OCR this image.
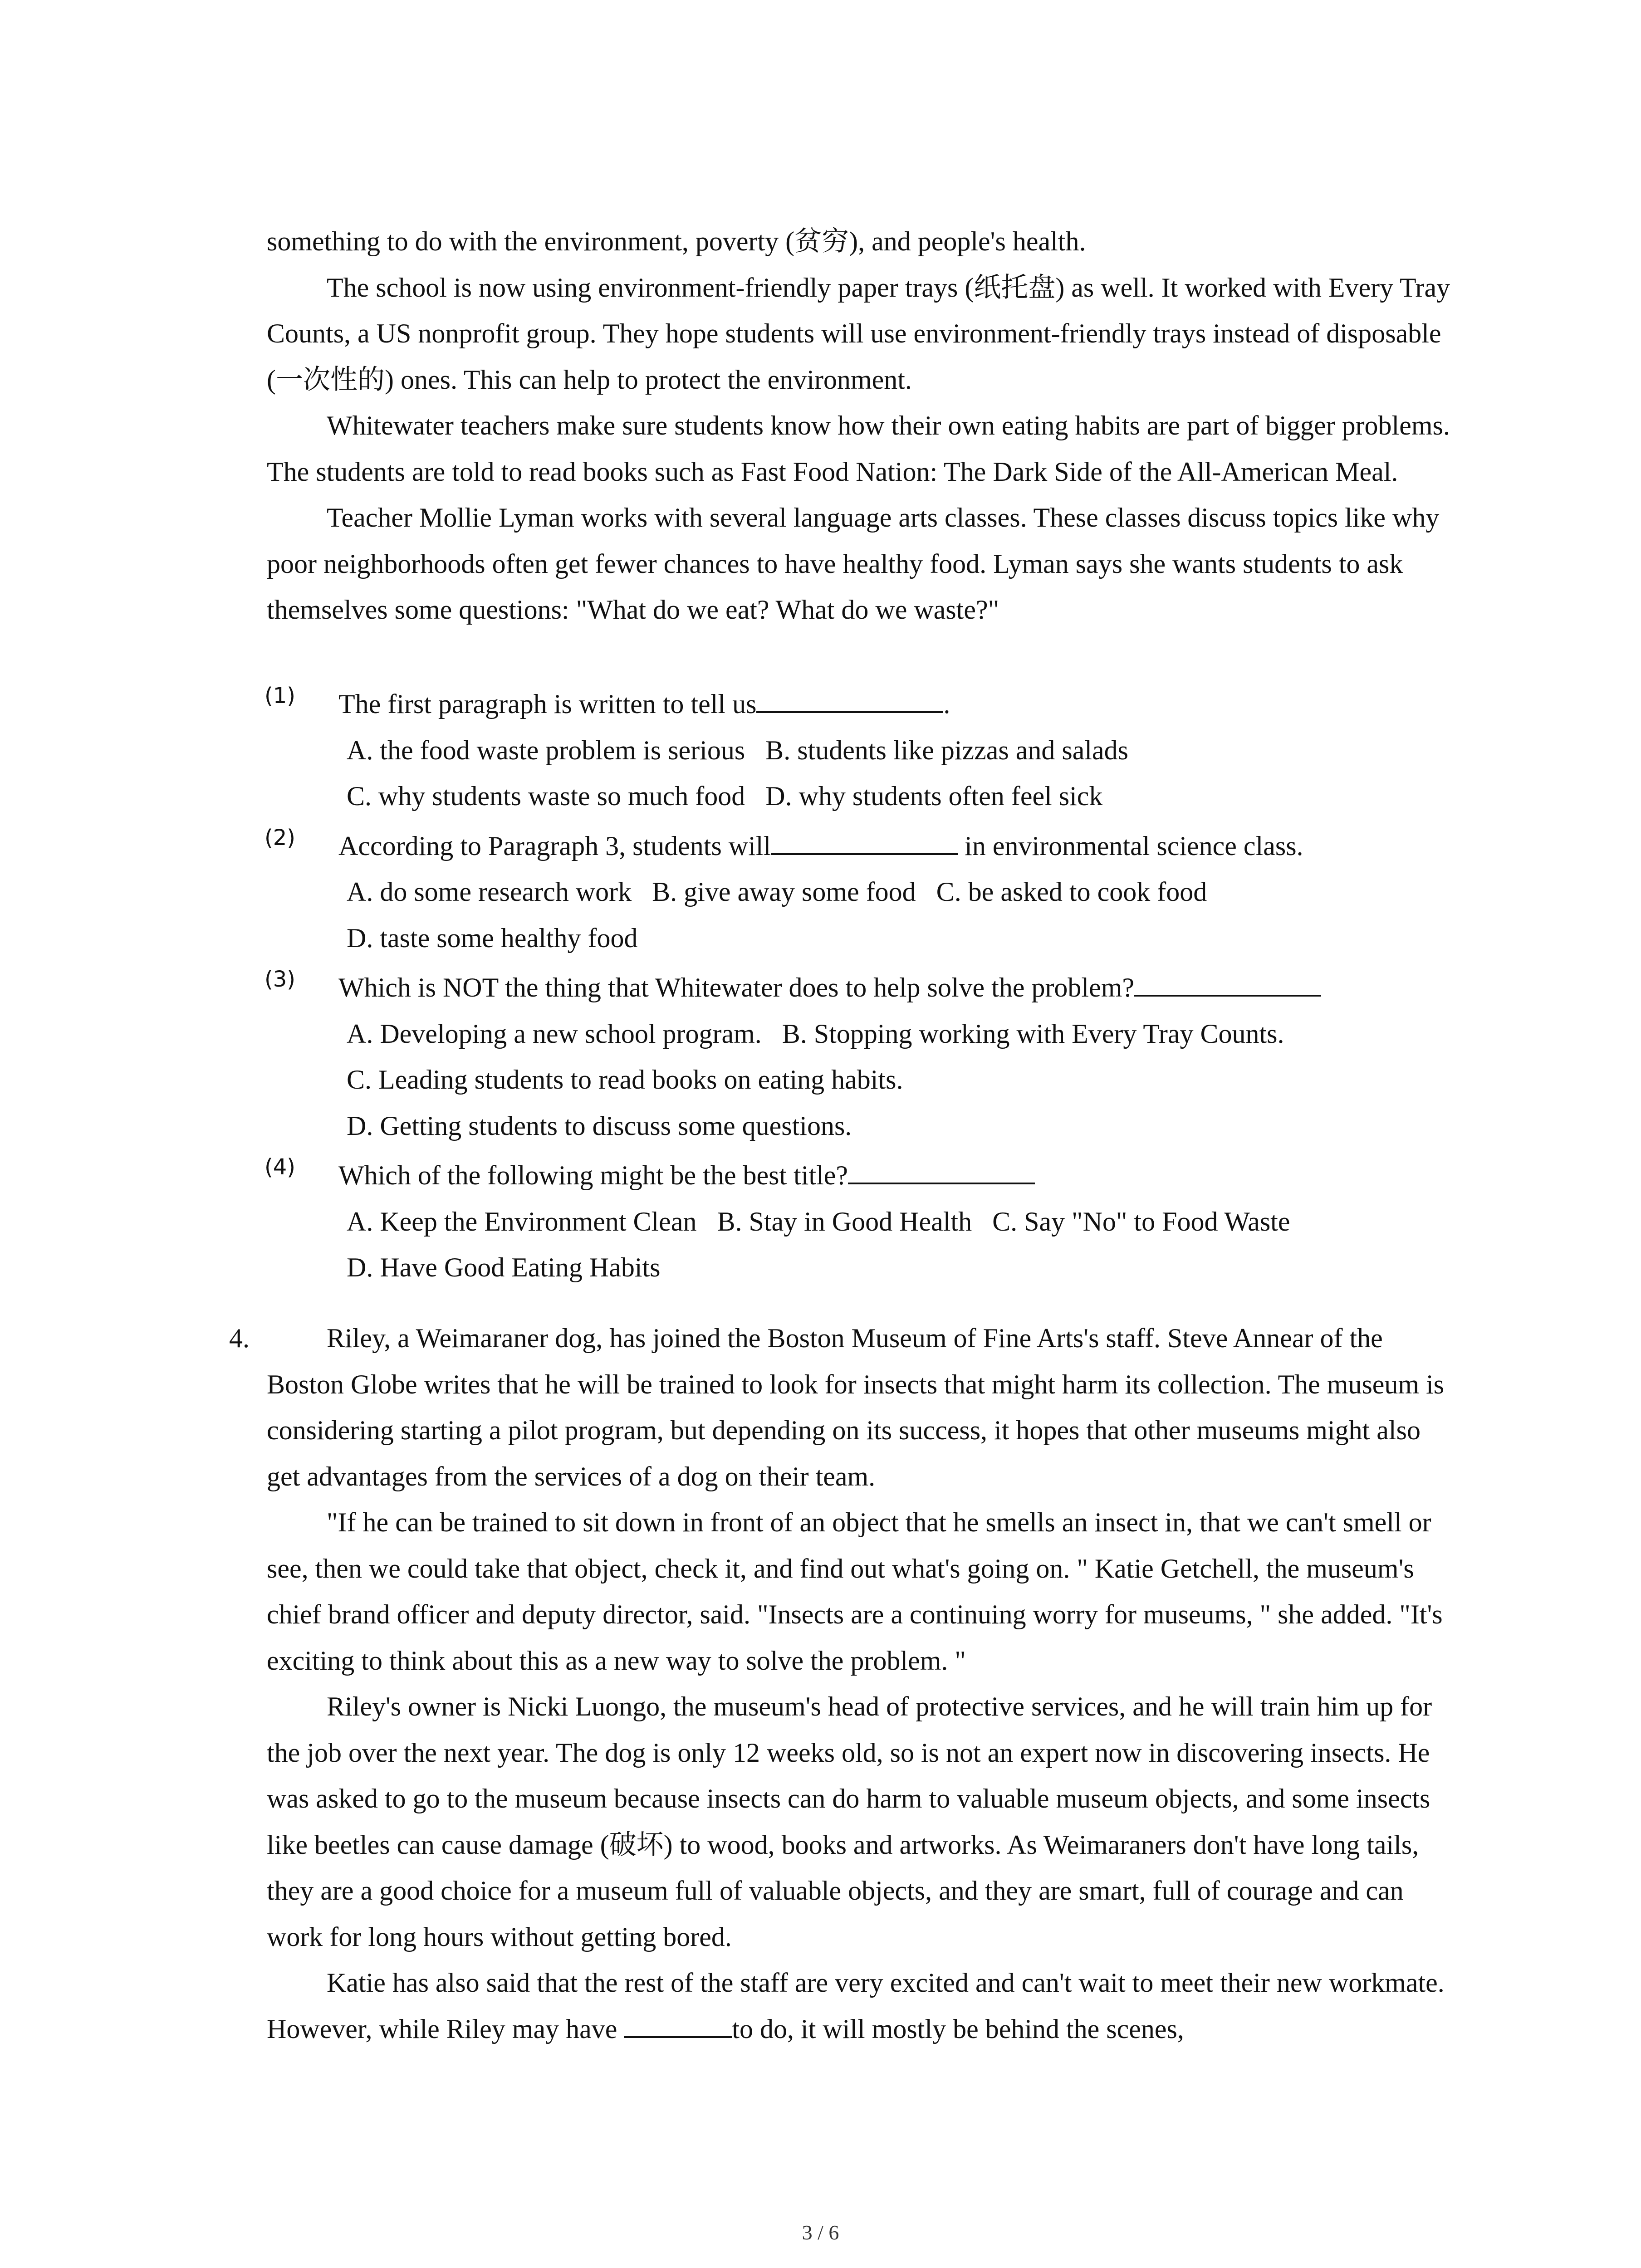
something to do with the environment, poverty (贫穷), and people's health.

The school is now using environment-friendly paper trays (纸托盘) as well. It worked with Every Tray Counts, a US nonprofit group. They hope students will use environment-friendly trays instead of disposable (一次性的) ones. This can help to protect the environment.

Whitewater teachers make sure students know how their own eating habits are part of bigger problems. The students are told to read books such as Fast Food Nation: The Dark Side of the All-American Meal.

Teacher Mollie Lyman works with several language arts classes. These classes discuss topics like why poor neighborhoods often get fewer chances to have healthy food. Lyman says she wants students to ask themselves some questions: "What do we eat? What do we waste?"

(1)	The first paragraph is written to tell us	.

A. the food waste problem is serious   B. students like pizzas and salads

C. why students waste so much food   D. why students often feel sick

(2)	According to Paragraph 3, students will	in environmental science class.

A. do some research work   B. give away some food   C. be asked to cook food

D. taste some healthy food

(3)	Which is NOT the thing that Whitewater does to help solve the problem?

A. Developing a new school program.   B. Stopping working with Every Tray Counts.

C. Leading students to read books on eating habits.

D. Getting students to discuss some questions.

(4)	Which of the following might be the best title?

A. Keep the Environment Clean   B. Stay in Good Health   C. Say "No" to Food Waste

D. Have Good Eating Habits

4.	Riley, a Weimaraner dog, has joined the Boston Museum of Fine Arts's staff. Steve Annear of the Boston Globe writes that he will be trained to look for insects that might harm its collection. The museum is considering starting a pilot program, but depending on its success, it hopes that other museums might also get advantages from the services of a dog on their team.

"If he can be trained to sit down in front of an object that he smells an insect in, that we can't smell or see, then we could take that object, check it, and find out what's going on. " Katie Getchell, the museum's chief brand officer and deputy director, said. "Insects are a continuing worry for museums, " she added. "It's exciting to think about this as a new way to solve the problem. "

Riley's owner is Nicki Luongo, the museum's head of protective services, and he will train him up for the job over the next year. The dog is only 12 weeks old, so is not an expert now in discovering insects. He was asked to go to the museum because insects can do harm to valuable museum objects, and some insects like beetles can cause damage (破坏) to wood, books and artworks. As Weimaraners don't have long tails, they are a good choice for a museum full of valuable objects, and they are smart, full of courage and can work for long hours without getting bored.

Katie has also said that the rest of the staff are very excited and can't wait to meet their new workmate. However, while Riley may have	to do, it will mostly be behind the scenes,

3 / 6
